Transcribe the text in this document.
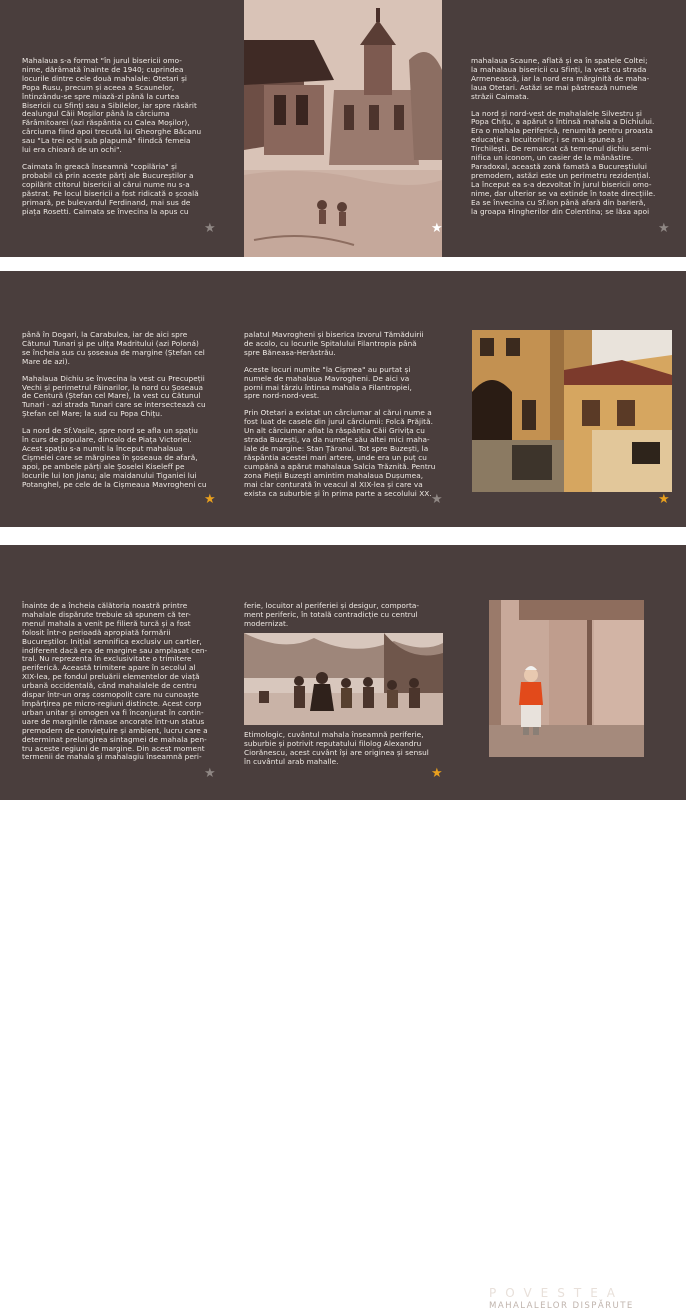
Mahalaua s-a format "în jurul bisericii omo-
nime, dărâmată înainte de 1940; cuprindea
locurile dintre cele două mahalale: Otetari și
Popa Rusu, precum și aceea a Scaunelor,
întinzându-se spre miază-zi până la curtea
Bisericii cu Sfinți sau a Sibilelor, iar spre răsărit
dealungul Căii Moșilor până la cârciuma
Fărâmitoarei (azi răspântia cu Calea Moșilor),
cârciuma fiind apoi trecută lui Gheorghe Băcanu
sau "La trei ochi sub plapumă" fiindcă femeia
lui era chioară de un ochi".

Caimata în greacă înseamnă "copilăria" și
probabil că prin aceste părți ale Bucureștilor a
copilărit ctitorul bisericii al cărui nume nu s-a
păstrat. Pe locul bisericii a fost ridicată o școală
primară, pe bulevardul Ferdinand, mai sus de
piața Rosetti. Caimata se învecina la apus cu

★	★

mahalaua Scaune, aflată și ea în spatele Coltei;
la mahalaua bisericii cu Sfinți, la vest cu strada
Armenească, iar la nord era mărginită de maha-
laua Otetari. Astăzi se mai păstrează numele
străzii Caimata.

La nord și nord-vest de mahalalele Silvestru și
Popa Chițu, a apărut o întinsă mahala a Dichiului.
Era o mahala periferică, renumită pentru proasta
educație a locuitorilor; i se mai spunea și
Tirchilești. De remarcat că termenul dichiu semi-
nifica un iconom, un casier de la mânăstire.
Paradoxal, această zonă famată a Bucureștiului
premodern, astăzi este un perimetru rezidențial.
La început ea s-a dezvoltat în jurul bisericii omo-
nime, dar ulterior se va extinde în toate direcțiile.
Ea se învecina cu Sf.Ion până afară din barieră,
la groapa Hingherilor din Colentina; se lăsa apoi

★

până în Dogari, la Carabulea, iar de aici spre
Cătunul Tunari și pe ulița Madritului (azi Poloná)
se încheia sus cu șoseaua de margine (Ștefan cel
Mare de azi).

Mahalaua Dichiu se învecina la vest cu Precupeții
Vechi și perimetrul Făinarilor, la nord cu Șoseaua
de Centură (Ștefan cel Mare), la vest cu Cătunul
Tunari - azi strada Tunari care se intersectează cu
Ștefan cel Mare; la sud cu Popa Chițu.

La nord de Sf.Vasile, spre nord se afla un spațiu
în curs de populare, dincolo de Piața Victoriei.
Acest spațiu s-a numit la început mahalaua
Cișmelei care se mărginea în șoseaua de afară,
apoi, pe ambele părți ale Șoselei Kiseleff pe
locurile lui Ion Jianu; ale maidanului Tiganiei lui
Potanghel, pe cele de la Cișmeaua Mavrogheni cu

★

palatul Mavrogheni și biserica Izvorul Tămăduirii
de acolo, cu locurile Spitalului Filantropia până
spre Băneasa-Herăstrău.

Aceste locuri numite "la Cișmea" au purtat și
numele de mahalaua Mavrogheni. De aici va
porni mai târziu întinsa mahala a Filantropiei,
spre nord-nord-vest.

Prin Otetari a existat un cârciumar al cărui nume a
fost luat de casele din jurul cârciumii: Folcă Prăjită.
Un alt cârciumar aflat la răspântia Căii Grivița cu
strada Buzești, va da numele său altei mici maha-
lale de margine: Stan Țăranul. Tot spre Buzești, la
răspântia acestei mari artere, unde era un puț cu
cumpănă a apărut mahalaua Salcia Trăznită. Pentru
zona Pieții Buzești amintim mahalaua Dușumea,
mai clar conturată în veacul al XIX-lea și care va
exista ca suburbie și în prima parte a secolului XX. ★	★

Înainte de a încheia călătoria noastră printre
mahalale dispărute trebuie să spunem că ter-
menul mahala a venit pe filieră turcă și a fost
folosit într-o perioadă apropiată formării
Bucureștilor. Inițial semnifica exclusiv un cartier,
indiferent dacă era de margine sau amplasat cen-
tral. Nu reprezenta în exclusivitate o trimitere
periferică. Această trimitere apare în secolul al
XIX-lea, pe fondul preluării elementelor de viață
urbană occidentală, când mahalalele de centru
dispar într-un oraș cosmopolit care nu cunoaște
împărțirea pe micro-regiuni distincte. Acest corp
urban unitar și omogen va fi înconjurat în contin-
uare de marginile rămase ancorate într-un status
premodern de conviețuire și ambient, lucru care a
determinat prelungirea sintagmei de mahala pen-
tru aceste regiuni de margine. Din acest moment
termenii de mahala și mahalagiu înseamnă peri-

★

ferie, locuitor al periferiei și desigur, comporta-
ment periferic, în totală contradicție cu centrul
modernizat.

Etimologic, cuvântul mahala înseamnă periferie,
suburbie și potrivit reputatului filolog Alexandru
Ciorănescu, acest cuvânt își are originea și sensul
în cuvântul arab mahalle.

★
POVESTEA
MAHALALELOR DISPĂRUTE
